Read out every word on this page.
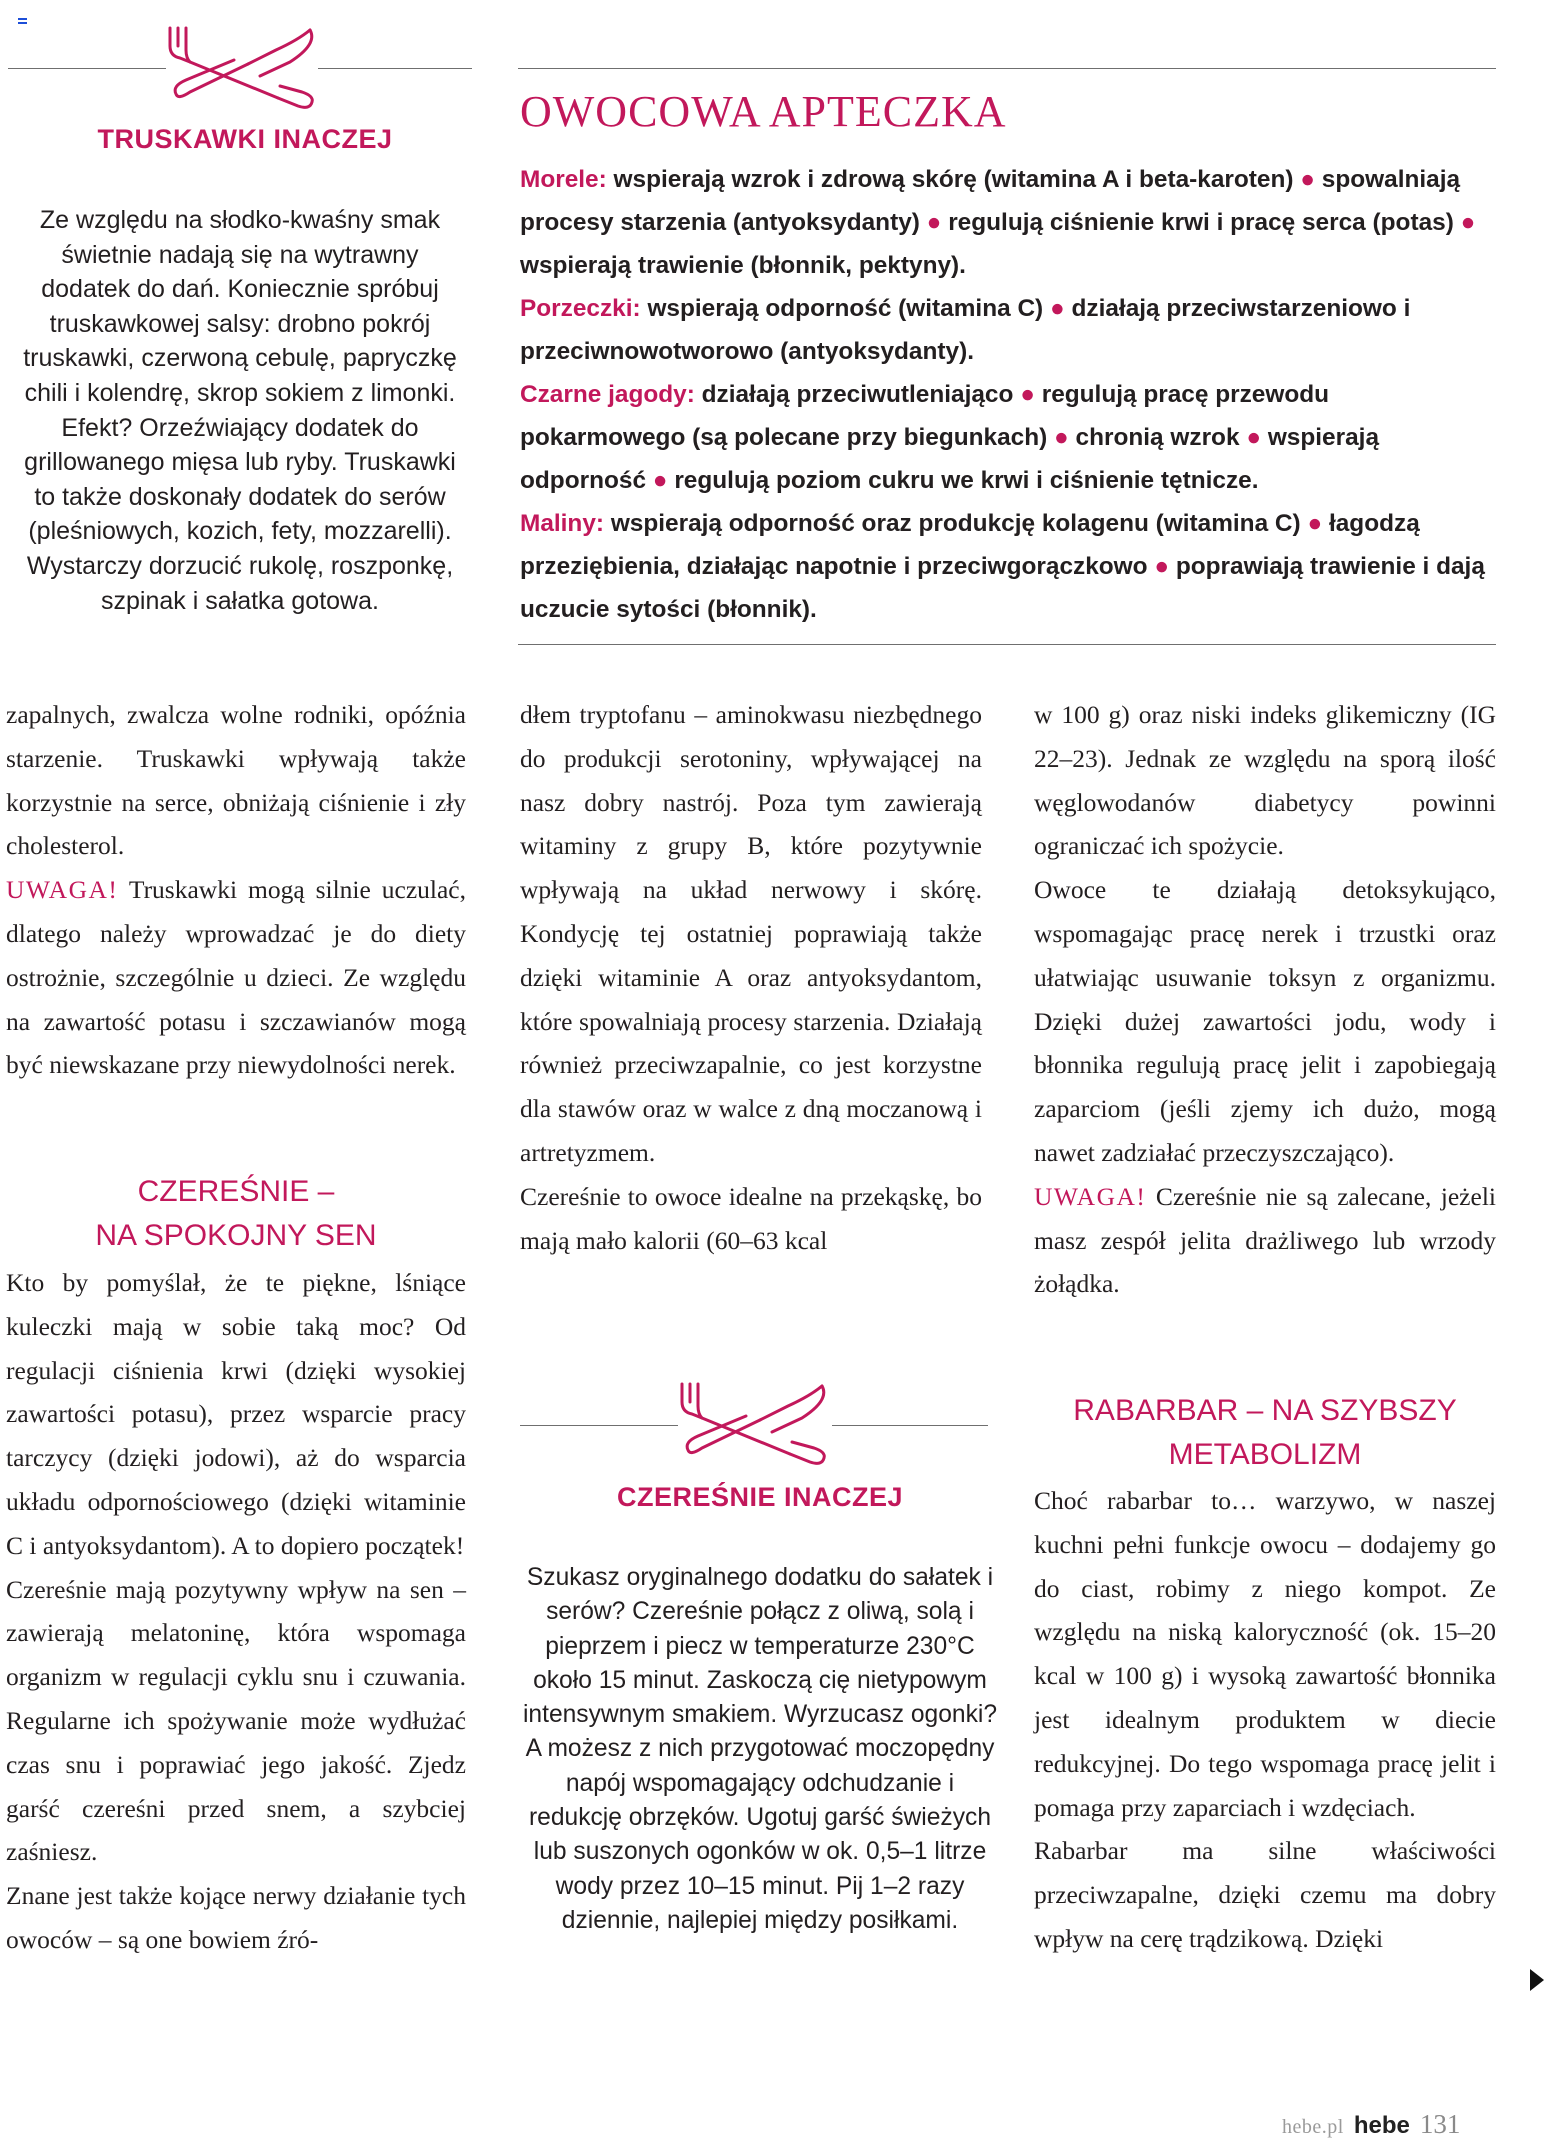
TRUSKAWKI INACZEJ
Ze względu na słodko-kwaśny smak świetnie nadają się na wytrawny dodatek do dań. Koniecznie spróbuj truskawkowej salsy: drobno pokrój truskawki, czerwoną cebulę, papryczkę chili i kolendrę, skrop sokiem z limonki. Efekt? Orzeźwiający dodatek do grillowanego mięsa lub ryby. Truskawki to także doskonały dodatek do serów (pleśniowych, kozich, fety, mozzarelli). Wystarczy dorzucić rukolę, roszponkę, szpinak i sałatka gotowa.
OWOCOWA APTECZKA
Morele: wspierają wzrok i zdrową skórę (witamina A i beta-karoten) ● spowalniają procesy starzenia (antyoksydanty) ● regulują ciśnienie krwi i pracę serca (potas) ● wspierają trawienie (błonnik, pektyny).
Porzeczki: wspierają odporność (witamina C) ● działają przeciwstarzeniowo i przeciwnowotworowo (antyoksydanty).
Czarne jagody: działają przeciwutleniająco ● regulują pracę przewodu pokarmowego (są polecane przy biegunkach) ● chronią wzrok ● wspierają odporność ● regulują poziom cukru we krwi i ciśnienie tętnicze.
Maliny: wspierają odporność oraz produkcję kolagenu (witamina C) ● łagodzą przeziębienia, działając napotnie i przeciwgorączkowo ● poprawiają trawienie i dają uczucie sytości (błonnik).

zapalnych, zwalcza wolne rodniki, opóźnia starzenie. Truskawki wpływają także korzystnie na serce, obniżają ciśnienie i zły cholesterol.

UWAGA! Truskawki mogą silnie uczulać, dlatego należy wprowadzać je do diety ostrożnie, szczególnie u dzieci. Ze względu na zawartość potasu i szczawianów mogą być niewskazane przy niewydolności nerek.

CZEREŚNIE –
NA SPOKOJNY SEN

Kto by pomyślał, że te piękne, lśniące kuleczki mają w sobie taką moc? Od regulacji ciśnienia krwi (dzięki wysokiej zawartości potasu), przez wsparcie pracy tarczycy (dzięki jodowi), aż do wsparcia układu odpornościowego (dzięki witaminie C i antyoksydantom). A to dopiero początek!

Czereśnie mają pozytywny wpływ na sen – zawierają melatoninę, która wspomaga organizm w regulacji cyklu snu i czuwania. Regularne ich spożywanie może wydłużać czas snu i poprawiać jego jakość. Zjedz garść czereśni przed snem, a szybciej zaśniesz.

Znane jest także kojące nerwy działanie tych owoców – są one bowiem źró-

dłem tryptofanu – aminokwasu niezbędnego do produkcji serotoniny, wpływającej na nasz dobry nastrój. Poza tym zawierają witaminy z grupy B, które pozytywnie wpływają na układ nerwowy i skórę. Kondycję tej ostatniej poprawiają także dzięki witaminie A oraz antyoksydantom, które spowalniają procesy starzenia. Działają również przeciwzapalnie, co jest korzystne dla stawów oraz w walce z dną moczanową i artretyzmem.

Czereśnie to owoce idealne na przekąskę, bo mają mało kalorii (60–63 kcal

CZEREŚNIE INACZEJ
Szukasz oryginalnego dodatku do sałatek i serów? Czereśnie połącz z oliwą, solą i pieprzem i piecz w temperaturze 230°C około 15 minut. Zaskoczą cię nietypowym intensywnym smakiem. Wyrzucasz ogonki? A możesz z nich przygotować moczopędny napój wspomagający odchudzanie i redukcję obrzęków. Ugotuj garść świeżych lub suszonych ogonków w ok. 0,5–1 litrze wody przez 10–15 minut. Pij 1–2 razy dziennie, najlepiej między posiłkami.

w 100 g) oraz niski indeks glikemiczny (IG 22–23). Jednak ze względu na sporą ilość węglowodanów diabetycy powinni ograniczać ich spożycie.

Owoce te działają detoksykująco, wspomagając pracę nerek i trzustki oraz ułatwiając usuwanie toksyn z organizmu. Dzięki dużej zawartości jodu, wody i błonnika regulują pracę jelit i zapobiegają zaparciom (jeśli zjemy ich dużo, mogą nawet zadziałać przeczyszczająco).

UWAGA! Czereśnie nie są zalecane, jeżeli masz zespół jelita drażliwego lub wrzody żołądka.

RABARBAR – NA SZYBSZY
METABOLIZM

Choć rabarbar to… warzywo, w naszej kuchni pełni funkcje owocu – dodajemy go do ciast, robimy z niego kompot. Ze względu na niską kaloryczność (ok. 15–20 kcal w 100 g) i wysoką zawartość błonnika jest idealnym produktem w diecie redukcyjnej. Do tego wspomaga pracę jelit i pomaga przy zaparciach i wzdęciach.

Rabarbar ma silne właściwości przeciwzapalne, dzięki czemu ma dobry wpływ na cerę trądzikową. Dzięki

hebe.pl hebe 131
